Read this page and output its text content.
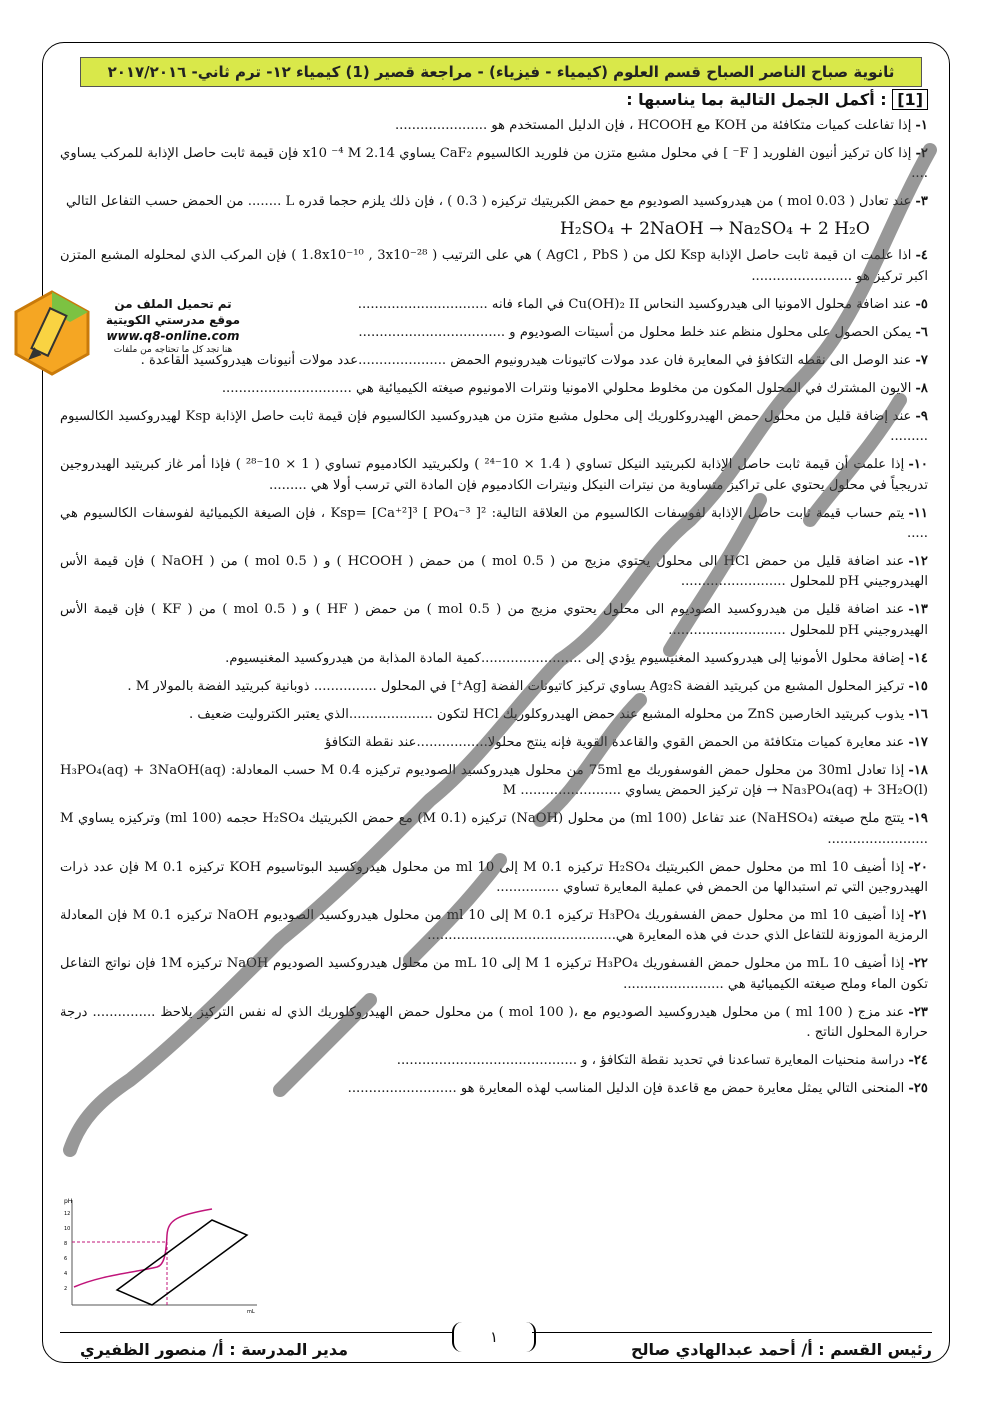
ثانوية صباح الناصر الصباح قسم العلوم (كيمياء - فيزياء) - مراجعة قصير (1) كيمياء ١٢- ترم ثاني- ٢٠١٧/٢٠١٦
[1] : أكمل الجمل التالية بما يناسبها :
١-إذا تفاعلت كميات متكافئة من KOH مع HCOOH ، فإن الدليل المستخدم هو ......................
٢-إذا كان تركيز أنيون الفلوريد [ F⁻ ] في محلول مشبع متزن من فلوريد الكالسيوم CaF₂ يساوي 2.14 x10 ⁻⁴ M فإن قيمة ثابت حاصل الإذابة للمركب يساوي ....
٣-عند تعادل ( 0.03 mol ) من هيدروكسيد الصوديوم مع حمض الكبريتيك تركيزه ( 0.3 ) ، فإن ذلك يلزم حجما قدره L ........ من الحمض حسب التفاعل التالي
H₂SO₄ + 2NaOH → Na₂SO₄ + 2 H₂O
٤-اذا علمت ان قيمة ثابت حاصل الإذابة Ksp لكل من ( AgCl , PbS ) هي على الترتيب ( 1.8x10⁻¹⁰ , 3x10⁻²⁸ ) فإن المركب الذي لمحلوله المشبع المتزن اكبر تركيز هو ........................
٥-عند اضافة محلول الامونيا الى هيدروكسيد النحاس Cu(OH)₂ II في الماء فانه ...............................
٦-يمكن الحصول على محلول منظم عند خلط محلول من أسيتات الصوديوم و ...................................
٧-عند الوصل الى نقطه التكافؤ في المعايرة فان عدد مولات كاتيونات هيدرونيوم الحمض .....................عدد مولات أنيونات هيدروكسيد القاعدة .
٨-الايون المشترك في المحلول المكون من مخلوط محلولي الامونيا ونترات الامونيوم صيغته الكيميائية هي ...............................
٩-عند إضافة قليل من محلول حمض الهيدروكلوريك إلى محلول مشبع متزن من هيدروكسيد الكالسيوم فإن قيمة ثابت حاصل الإذابة Ksp لهيدروكسيد الكالسيوم .........
١٠-إذا علمت أن قيمة ثابت حاصل الإذابة لكبريتيد النيكل تساوي ( 1.4 × 10⁻²⁴ ) ولكبريتيد الكادميوم تساوي ( 1 × 10⁻²⁸ ) فإذا أمر غاز كبريتيد الهيدروجين تدريجياً في محلول يحتوي على تراكيز متساوية من نيترات النيكل ونيترات الكادميوم فإن المادة التي ترسب أولا هي .........
١١-يتم حساب قيمة ثابت حاصل الإذابة لفوسفات الكالسيوم من العلاقة التالية: Ksp= [Ca⁺²]³ [ PO₄⁻³ ]² ، فإن الصيغة الكيميائية لفوسفات الكالسيوم هي .....
١٢-عند اضافة قليل من حمض HCl الى محلول يحتوي مزيج من ( 0.5 mol ) من حمض ( HCOOH ) و ( 0.5 mol ) من ( NaOH ) فإن قيمة الأس الهيدروجيني pH للمحلول .........................
١٣-عند اضافة قليل من هيدروكسيد الصوديوم الى محلول يحتوي مزيج من ( 0.5 mol ) من حمض ( HF ) و ( 0.5 mol ) من ( KF ) فإن قيمة الأس الهيدروجيني pH للمحلول ............................
١٤-إضافة محلول الأمونيا إلى هيدروكسيد المغنيسيوم يؤدي إلى ........................كمية المادة المذابة من هيدروكسيد المغنيسيوم.
١٥-تركيز المحلول المشبع من كبريتيد الفضة Ag₂S يساوي تركيز كاتيونات الفضة [Ag⁺] في المحلول ............... ذوبانية كبريتيد الفضة بالمولار M .
١٦-يذوب كبريتيد الخارصين ZnS من محلوله المشبع عند حمض الهيدروكلوريك HCl لتكون ....................الذي يعتبر الكتروليت ضعيف .
١٧-عند معايرة كميات متكافئة من الحمض القوي والقاعدة القوية فإنه ينتج محلولا.................عند نقطة التكافؤ
١٨-إذا تعادل 30ml من محلول حمض الفوسفوريك مع 75ml من محلول هيدروكسيد الصوديوم تركيزه 0.4 M حسب المعادلة: H₃PO₄(aq) + 3NaOH(aq) → Na₃PO₄(aq) + 3H₂O(l) فإن تركيز الحمض يساوي ........................ M
١٩-يتتج ملح صيغته (NaHSO₄) عند تفاعل (100 ml) من محلول (NaOH) تركيزه (0.1 M) مع حمض الكبريتيك H₂SO₄ حجمه (100 ml) وتركيزه يساوي M ........................
٢٠-إذا أضيف 10 ml من محلول حمض الكبريتيك H₂SO₄ تركيزه 0.1 M إلى 10 ml من محلول هيدروكسيد البوتاسيوم KOH تركيزه 0.1 M فإن عدد ذرات الهيدروجين التي تم استبدالها من الحمض في عملية المعايرة تساوي ...............
٢١-إذا أضيف 10 ml من محلول حمض الفسفوريك H₃PO₄ تركيزه 0.1 M إلى 10 ml من محلول هيدروكسيد الصوديوم NaOH تركيزه 0.1 M فإن المعادلة الرمزية الموزونة للتفاعل الذي حدث في هذه المعايرة هي.............................................
٢٢-إذا أضيف 10 mL من محلول حمض الفسفوريك H₃PO₄ تركيزه 1 M إلى 10 mL من محلول هيدروكسيد الصوديوم NaOH تركيزه 1M فإن نواتج التفاعل تكون الماء وملح صيغته الكيميائية هي ........................
٢٣-عند مزج ( 100 ml ) من محلول هيدروكسيد الصوديوم مع ،( 100 mol ) من محلول حمض الهيدروكلوريك الذي له نفس التركيز يلاحظ ............... درجة حرارة المحلول الناتج .
٢٤-دراسة منحنيات المعايرة تساعدنا في تحديد نقطة التكافؤ ، و ...........................................
٢٥-المنحنى التالي يمثل معايرة حمض مع قاعدة فإن الدليل المناسب لهذه المعايرة هو ..........................
تم تحميل الملف من
موقع مدرستي الكويتية
www.q8-online.com
هنا تجد كل ما تحتاجه من ملفات
pH
12
10
8
6
4
2
mL
١
مدير المدرسة : أ/ منصور الظفيري	رئيس القسم : أ/ أحمد عبدالهادي صالح
